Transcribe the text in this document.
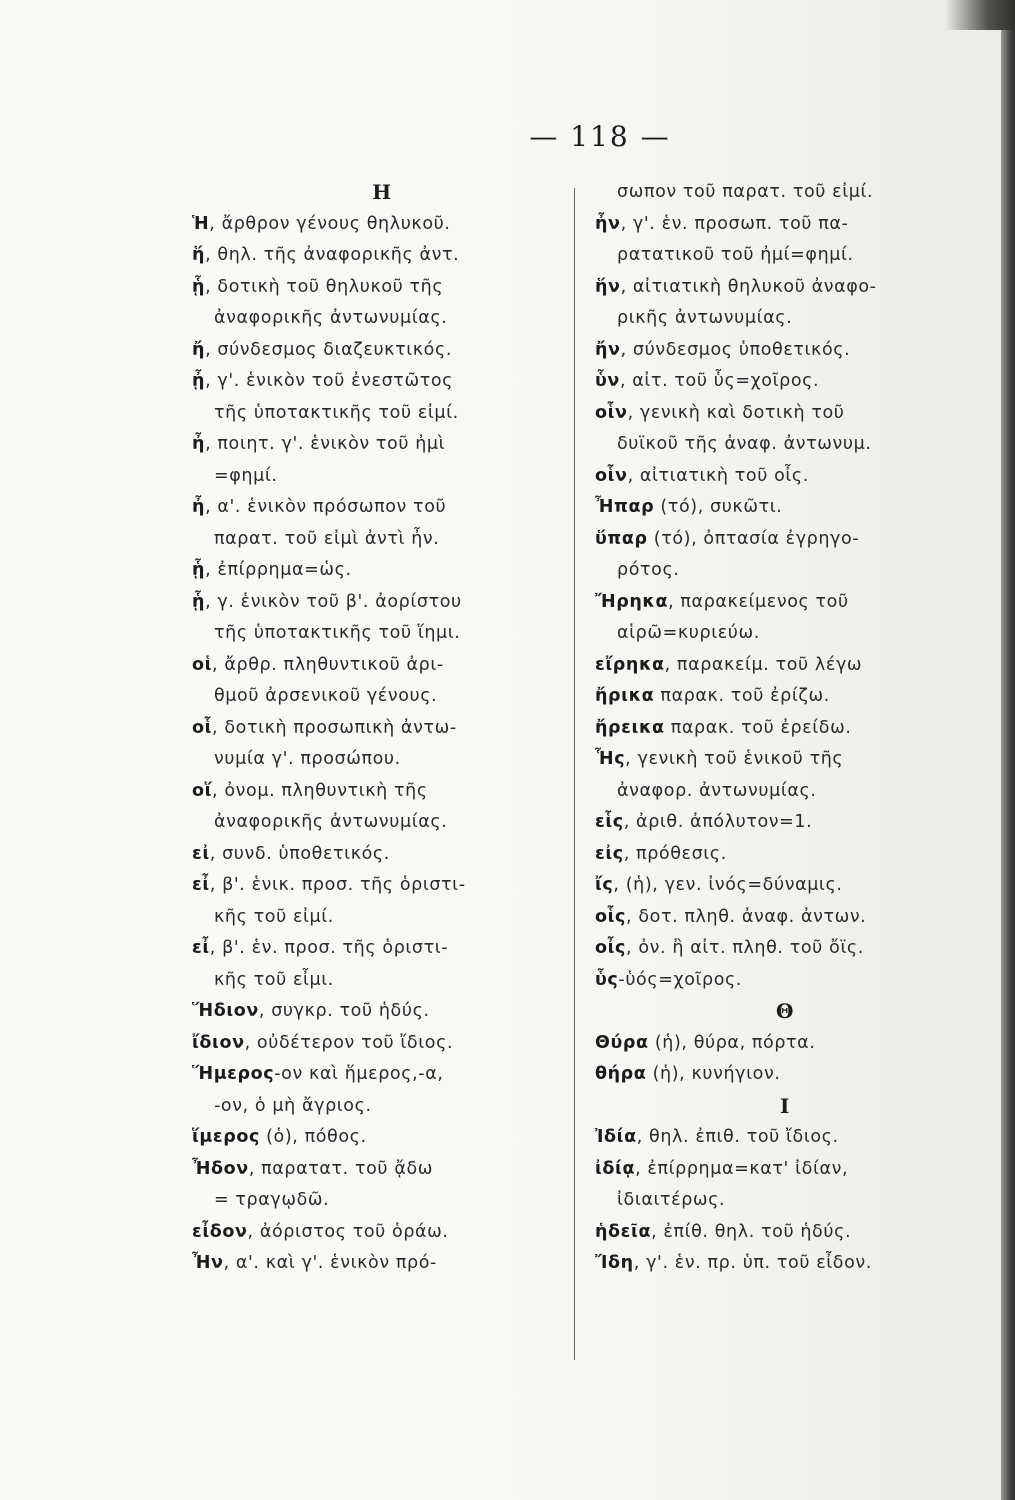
— 118 —
Η
Ἡ, ἄρθρον γένους θηλυκοῦ.
ἥ, θηλ. τῆς ἀναφορικῆς ἀντ.
ᾗ, δοτικὴ τοῦ θηλυκοῦ τῆς
ἀναφορικῆς ἀντωνυμίας.
ἤ, σύνδεσμος διαζευκτικός.
ᾖ, γ'. ἑνικὸν τοῦ ἐνεστῶτος
τῆς ὑποτακτικῆς τοῦ εἰμί.
ἦ, ποιητ. γ'. ἑνικὸν τοῦ ἠμὶ
=φημί.
ἦ, α'. ἑνικὸν πρόσωπον τοῦ
παρατ. τοῦ εἰμὶ ἀντὶ ἦν.
ᾗ, ἐπίρρημα=ὡς.
ᾗ, γ. ἑνικὸν τοῦ β'. ἀορίστου
τῆς ὑποτακτικῆς τοῦ ἵημι.
οἱ, ἄρθρ. πληθυντικοῦ ἀρι-
θμοῦ ἀρσενικοῦ γένους.
οἷ, δοτικὴ προσωπικὴ ἀντω-
νυμία γ'. προσώπου.
οἵ, ὀνομ. πληθυντικὴ τῆς
ἀναφορικῆς ἀντωνυμίας.
εἰ, συνδ. ὑποθετικός.
εἶ, β'. ἑνικ. προσ. τῆς ὁριστι-
κῆς τοῦ εἰμί.
εἶ, β'. ἑν. προσ. τῆς ὁριστι-
κῆς τοῦ εἶμι.
Ἥδιον, συγκρ. τοῦ ἡδύς.
ἴδιον, οὐδέτερον τοῦ ἴδιος.
Ἥμερος-ον καὶ ἥμερος,-α,
-ον, ὁ μὴ ἄγριος.
ἵμερος (ὁ), πόθος.
Ἦδον, παρατατ. τοῦ ᾄδω
= τραγῳδῶ.
εἶδον, ἀόριστος τοῦ ὁράω.
Ἦν, α'. καὶ γ'. ἑνικὸν πρό-
σωπον τοῦ παρατ. τοῦ εἰμί.
ἦν, γ'. ἑν. προσωπ. τοῦ πα-
ρατατικοῦ τοῦ ἠμί=φημί.
ἥν, αἰτιατικὴ θηλυκοῦ ἀναφο-
ρικῆς ἀντωνυμίας.
ἤν, σύνδεσμος ὑποθετικός.
ὗν, αἰτ. τοῦ ὗς=χοῖρος.
οἷν, γενικὴ καὶ δοτικὴ τοῦ
δυϊκοῦ τῆς ἀναφ. ἀντωνυμ.
οἷν, αἰτιατικὴ τοῦ οἶς.
Ἦπαρ (τό), συκῶτι.
ὕπαρ (τό), ὀπτασία ἐγρηγο-
ρότος.
Ἤρηκα, παρακείμενος τοῦ
αἱρῶ=κυριεύω.
εἴρηκα, παρακείμ. τοῦ λέγω
ἤρικα παρακ. τοῦ ἐρίζω.
ἤρεικα παρακ. τοῦ ἐρείδω.
Ἧς, γενικὴ τοῦ ἑνικοῦ τῆς
ἀναφορ. ἀντωνυμίας.
εἷς, ἀριθ. ἀπόλυτον=1.
εἰς, πρόθεσις.
ἴς, (ἡ), γεν. ἰνός=δύναμις.
οἷς, δοτ. πληθ. ἀναφ. ἀντων.
οἶς, ὀν. ἢ αἰτ. πληθ. τοῦ ὄϊς.
ὗς-ὑός=χοῖρος.
Θ
Θύρα (ἡ), θύρα, πόρτα.
θήρα (ἡ), κυνήγιον.
Ι
Ἰδία, θηλ. ἐπιθ. τοῦ ἴδιος.
ἰδίᾳ, ἐπίρρημα=κατ' ἰδίαν,
ἰδιαιτέρως.
ἡδεῖα, ἐπίθ. θηλ. τοῦ ἡδύς.
Ἴδη, γ'. ἑν. πρ. ὑπ. τοῦ εἶδον.
